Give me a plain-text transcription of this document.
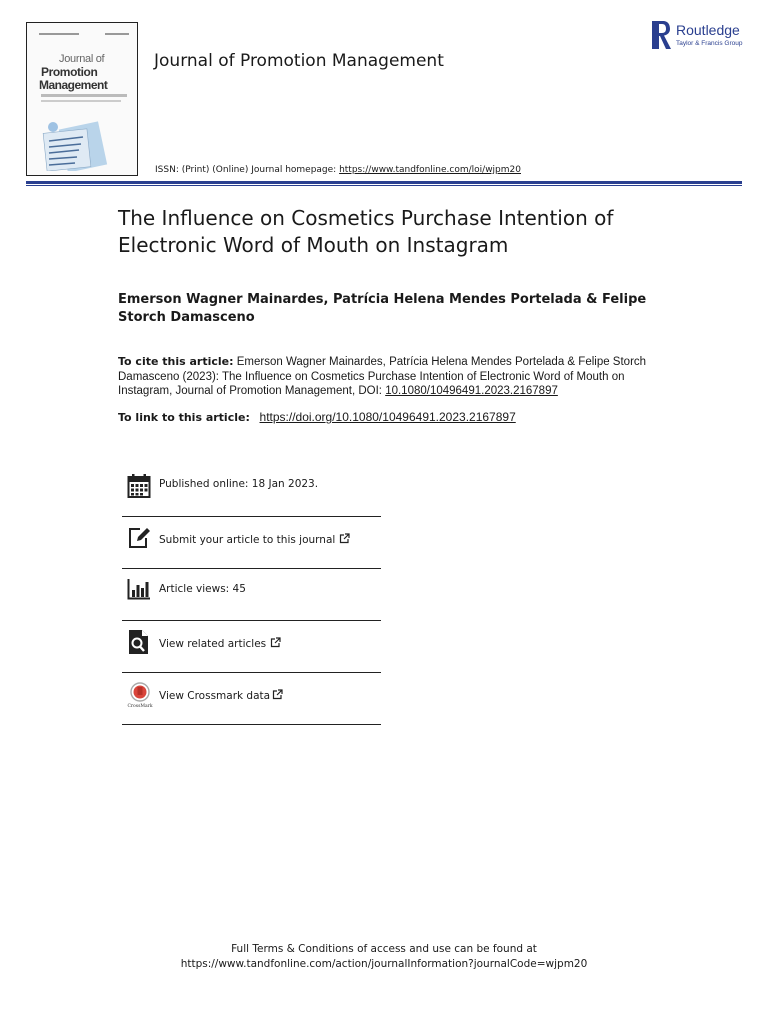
Journal of
Promotion
Management
Journal of Promotion Management
Routledge
Taylor & Francis Group
ISSN: (Print) (Online) Journal homepage: https://www.tandfonline.com/loi/wjpm20
The Influence on Cosmetics Purchase Intention of Electronic Word of Mouth on Instagram
Emerson Wagner Mainardes, Patrícia Helena Mendes Portelada & Felipe Storch Damasceno
To cite this article: Emerson Wagner Mainardes, Patrícia Helena Mendes Portelada & Felipe Storch Damasceno (2023): The Influence on Cosmetics Purchase Intention of Electronic Word of Mouth on Instagram, Journal of Promotion Management, DOI: 10.1080/10496491.2023.2167897
To link to this article: https://doi.org/10.1080/10496491.2023.2167897
Published online: 18 Jan 2023.
Submit your article to this journal
Article views: 45
View related articles
CrossMark
View Crossmark data
Full Terms & Conditions of access and use can be found at
https://www.tandfonline.com/action/journalInformation?journalCode=wjpm20
